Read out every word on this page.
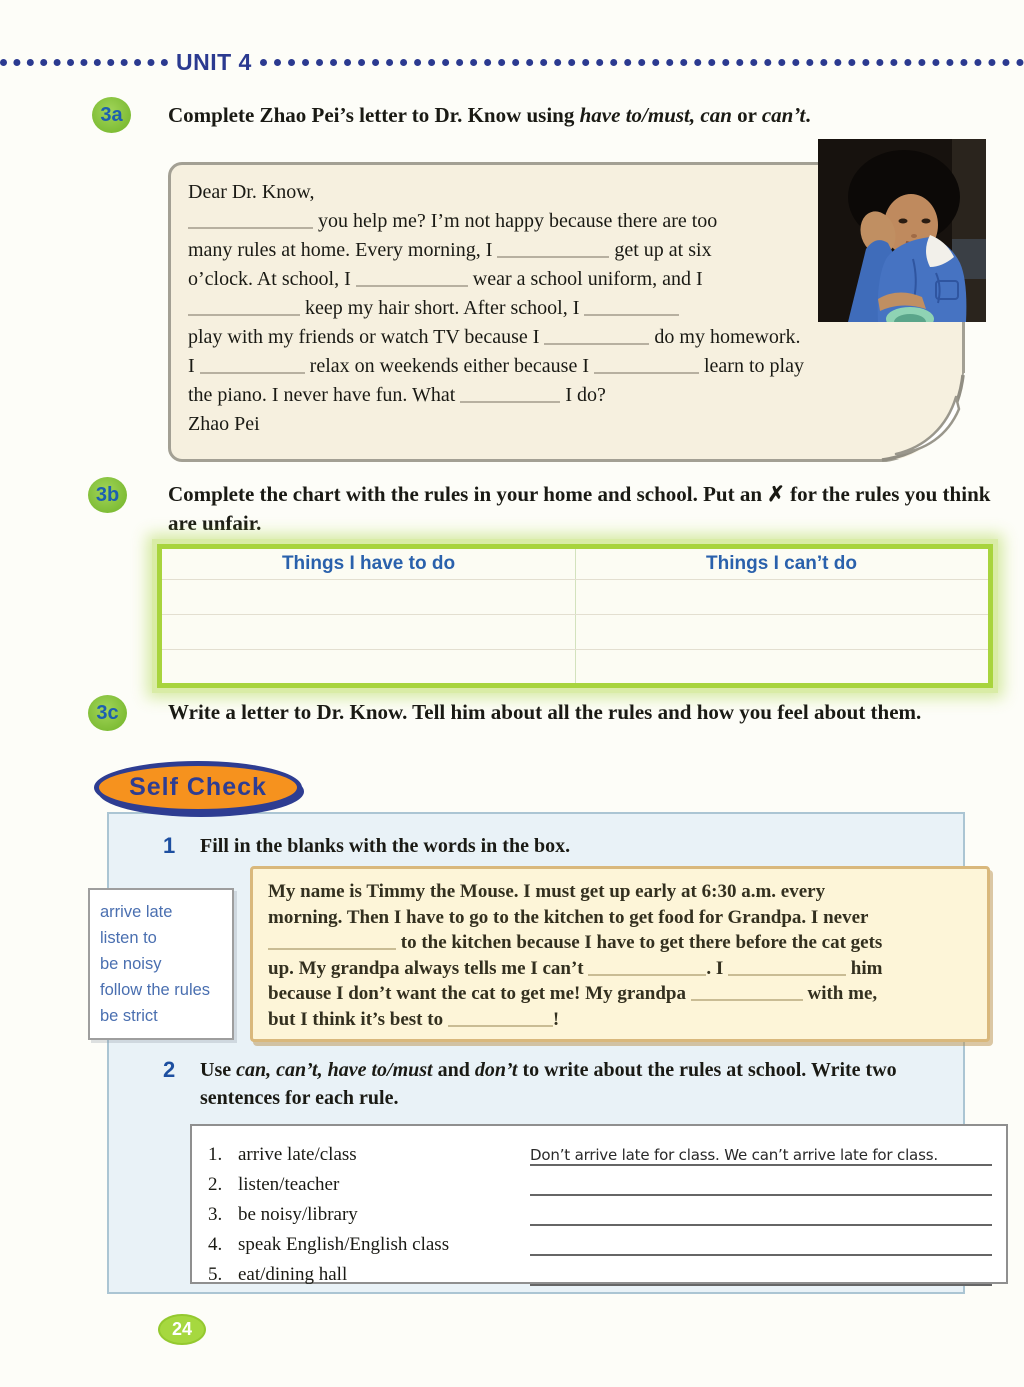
UNIT 4
3a Complete Zhao Pei’s letter to Dr. Know using have to/must, can or can’t.
Dear Dr. Know,
you help me? I’m not happy because there are too
many rules at home. Every morning, I	get up at six
o’clock. At school, I	wear a school uniform, and I
keep my hair short. After school, I
play with my friends or watch TV because I	do my homework.
I	relax on weekends either because I	learn to play
the piano. I never have fun. What	I do?
Zhao Pei
3b Complete the chart with the rules in your home and school. Put an ✗ for the rules you think are unfair.
Things I have to do	Things I can’t do
3c Write a letter to Dr. Know. Tell him about all the rules and how you feel about them.
Self Check
1 Fill in the blanks with the words in the box.
arrive late
listen to
be noisy
follow the rules
be strict
My name is Timmy the Mouse. I must get up early at 6:30 a.m. every
morning. Then I have to go to the kitchen to get food for Grandpa. I never
to the kitchen because I have to get there before the cat gets
up. My grandpa always tells me I can’t	. I	him
because I don’t want the cat to get me! My grandpa	with me,
but I think it’s best to	!
2 Use can, can’t, have to/must and don’t to write about the rules at school. Write two sentences for each rule.
1. arrive late/class	Don’t arrive late for class. We can’t arrive late for class.
2. listen/teacher
3. be noisy/library
4. speak English/English class
5. eat/dining hall
24
